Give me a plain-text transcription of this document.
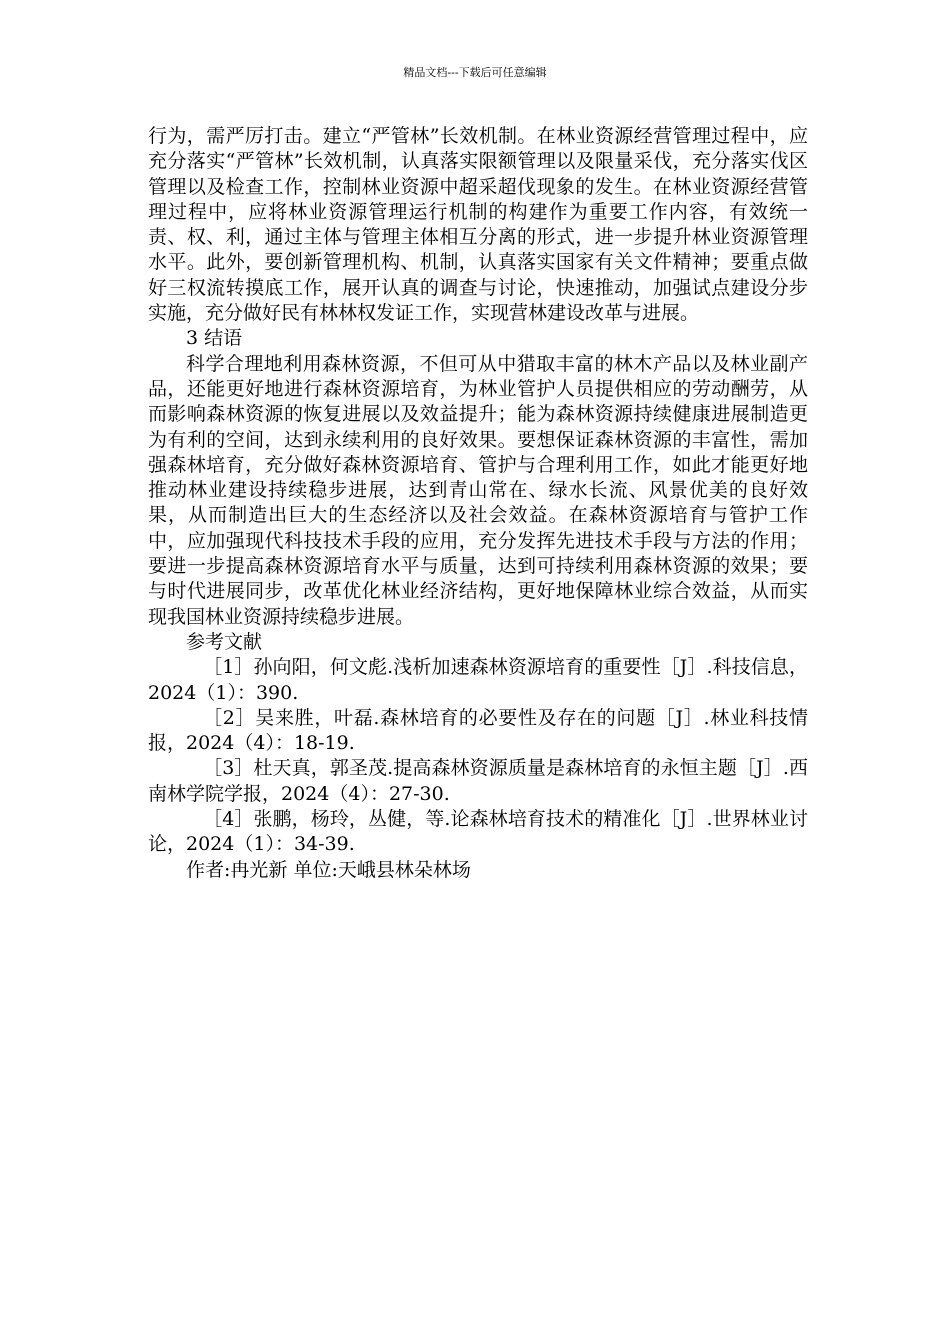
精品文档---下载后可任意编辑

行为，需严厉打击。建立“严管林”长效机制。在林业资源经营管理过程中，应充分落实“严管林”长效机制，认真落实限额管理以及限量采伐，充分落实伐区管理以及检查工作，控制林业资源中超采超伐现象的发生。在林业资源经营管理过程中，应将林业资源管理运行机制的构建作为重要工作内容，有效统一责、权、利，通过主体与管理主体相互分离的形式，进一步提升林业资源管理水平。此外，要创新管理机构、机制，认真落实国家有关文件精神；要重点做好三权流转摸底工作，展开认真的调查与讨论，快速推动，加强试点建设分步实施，充分做好民有林林权发证工作，实现营林建设改革与进展。

3 结语

科学合理地利用森林资源，不但可从中猎取丰富的林木产品以及林业副产品，还能更好地进行森林资源培育，为林业管护人员提供相应的劳动酬劳，从而影响森林资源的恢复进展以及效益提升；能为森林资源持续健康进展制造更为有利的空间，达到永续利用的良好效果。要想保证森林资源的丰富性，需加强森林培育，充分做好森林资源培育、管护与合理利用工作，如此才能更好地推动林业建设持续稳步进展，达到青山常在、绿水长流、风景优美的良好效果，从而制造出巨大的生态经济以及社会效益。在森林资源培育与管护工作中，应加强现代科技技术手段的应用，充分发挥先进技术手段与方法的作用；要进一步提高森林资源培育水平与质量，达到可持续利用森林资源的效果；要与时代进展同步，改革优化林业经济结构，更好地保障林业综合效益，从而实现我国林业资源持续稳步进展。

参考文献

［1］孙向阳，何文彪.浅析加速森林资源培育的重要性［J］.科技信息，2024（1）：390.

［2］吴来胜，叶磊.森林培育的必要性及存在的问题［J］.林业科技情报，2024（4）：18-19.

［3］杜天真，郭圣茂.提高森林资源质量是森林培育的永恒主题［J］.西南林学院学报，2024（4）：27-30.

［4］张鹏，杨玲，丛健，等.论森林培育技术的精准化［J］.世界林业讨论，2024（1）：34-39.

作者:冉光新 单位:天峨县林朵林场
